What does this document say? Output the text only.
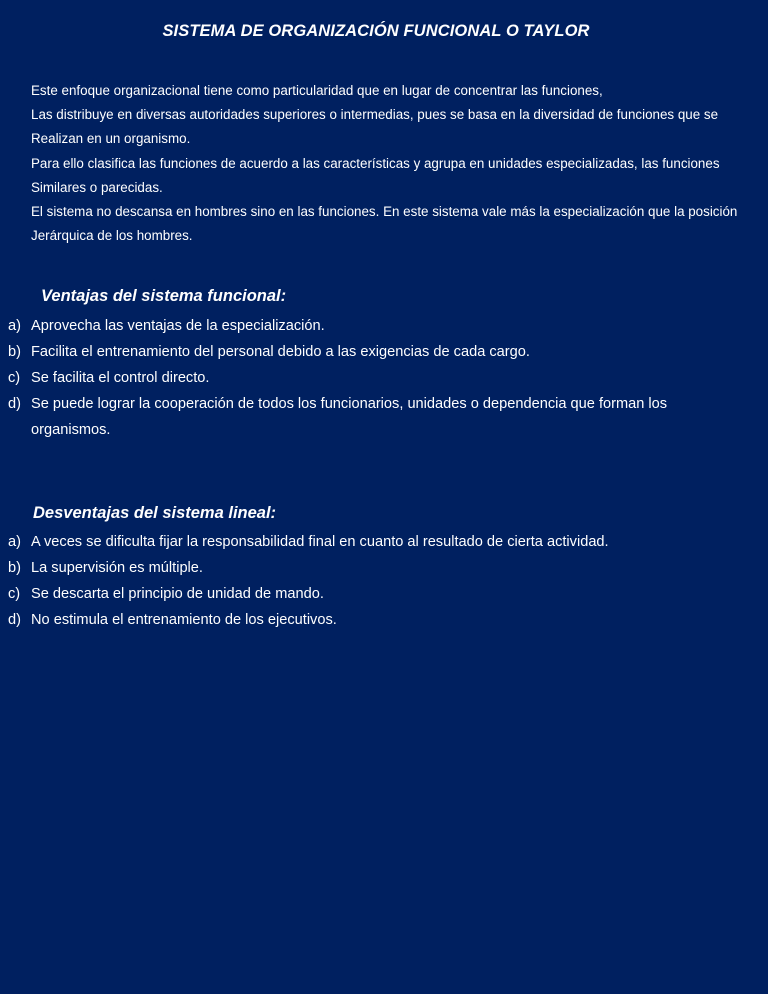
SISTEMA DE ORGANIZACIÓN FUNCIONAL O TAYLOR
Este enfoque organizacional tiene como particularidad que en lugar de concentrar las funciones,
Las distribuye en diversas autoridades superiores o intermedias, pues se basa en la diversidad de funciones que se
Realizan en un organismo.
Para ello clasifica las funciones de acuerdo a las características y agrupa en unidades especializadas, las funciones
Similares o parecidas.
El sistema no descansa en hombres sino en las funciones. En este sistema vale más la especialización que la posición
Jerárquica de los hombres.
Ventajas del sistema funcional:
a) Aprovecha las ventajas de la especialización.
b) Facilita el entrenamiento del personal debido a las exigencias de cada cargo.
c) Se facilita el control directo.
d) Se puede lograr la cooperación de todos los funcionarios, unidades o dependencia que forman los organismos.
Desventajas del sistema lineal:
a) A veces se dificulta fijar la responsabilidad final en cuanto al resultado de cierta actividad.
b) La supervisión es múltiple.
c) Se descarta el principio de unidad de mando.
d) No estimula el entrenamiento de los ejecutivos.
